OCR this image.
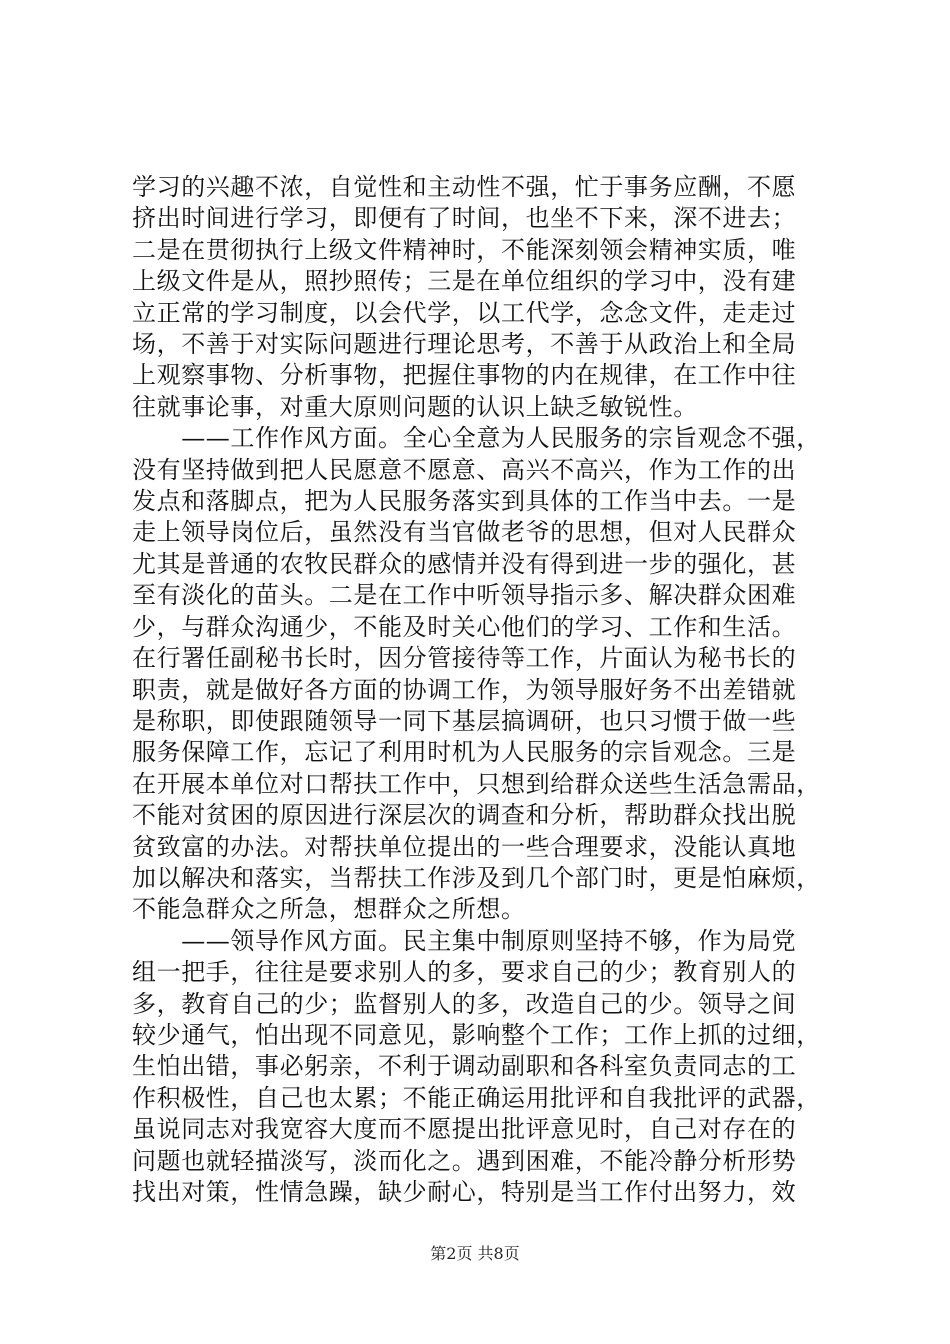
学习的兴趣不浓，自觉性和主动性不强，忙于事务应酬，不愿
挤出时间进行学习，即便有了时间，也坐不下来，深不进去；
二是在贯彻执行上级文件精神时，不能深刻领会精神实质，唯
上级文件是从，照抄照传；三是在单位组织的学习中，没有建
立正常的学习制度，以会代学，以工代学，念念文件，走走过
场，不善于对实际问题进行理论思考，不善于从政治上和全局
上观察事物、分析事物，把握住事物的内在规律，在工作中往
往就事论事，对重大原则问题的认识上缺乏敏锐性。
　　——工作作风方面。全心全意为人民服务的宗旨观念不强，
没有坚持做到把人民愿意不愿意、高兴不高兴，作为工作的出
发点和落脚点，把为人民服务落实到具体的工作当中去。一是
走上领导岗位后，虽然没有当官做老爷的思想，但对人民群众
尤其是普通的农牧民群众的感情并没有得到进一步的强化，甚
至有淡化的苗头。二是在工作中听领导指示多、解决群众困难
少，与群众沟通少，不能及时关心他们的学习、工作和生活。
在行署任副秘书长时，因分管接待等工作，片面认为秘书长的
职责，就是做好各方面的协调工作，为领导服好务不出差错就
是称职，即使跟随领导一同下基层搞调研，也只习惯于做一些
服务保障工作，忘记了利用时机为人民服务的宗旨观念。三是
在开展本单位对口帮扶工作中，只想到给群众送些生活急需品，
不能对贫困的原因进行深层次的调查和分析，帮助群众找出脱
贫致富的办法。对帮扶单位提出的一些合理要求，没能认真地
加以解决和落实，当帮扶工作涉及到几个部门时，更是怕麻烦，
不能急群众之所急，想群众之所想。
　　——领导作风方面。民主集中制原则坚持不够，作为局党
组一把手，往往是要求别人的多，要求自己的少；教育别人的
多，教育自己的少；监督别人的多，改造自己的少。领导之间
较少通气，怕出现不同意见，影响整个工作；工作上抓的过细，
生怕出错，事必躬亲，不利于调动副职和各科室负责同志的工
作积极性，自己也太累；不能正确运用批评和自我批评的武器，
虽说同志对我宽容大度而不愿提出批评意见时，自己对存在的
问题也就轻描淡写，淡而化之。遇到困难，不能冷静分析形势
找出对策，性情急躁，缺少耐心，特别是当工作付出努力，效
第2页 共8页
